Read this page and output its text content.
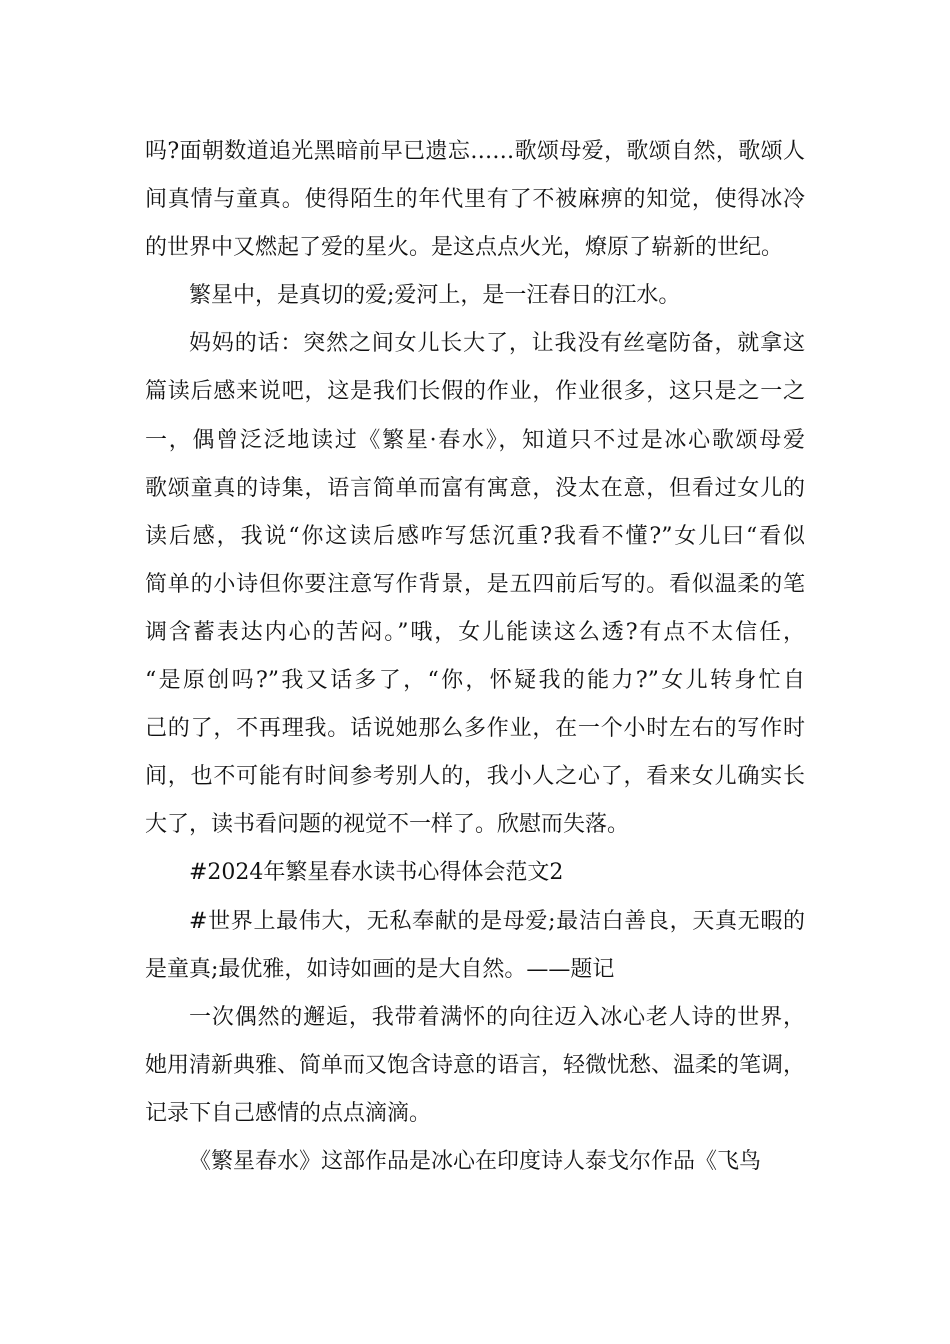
吗?面朝数道追光黑暗前早已遗忘……歌颂母爱，歌颂自然，歌颂人
间真情与童真。使得陌生的年代里有了不被麻痹的知觉，使得冰冷
的世界中又燃起了爱的星火。是这点点火光，燎原了崭新的世纪。
繁星中，是真切的爱;爱河上，是一汪春日的江水。
妈妈的话：突然之间女儿长大了，让我没有丝毫防备，就拿这
篇读后感来说吧，这是我们长假的作业，作业很多，这只是之一之
一，偶曾泛泛地读过《繁星·春水》，知道只不过是冰心歌颂母爱
歌颂童真的诗集，语言简单而富有寓意，没太在意，但看过女儿的
读后感，我说“你这读后感咋写恁沉重?我看不懂?”女儿曰“看似
简单的小诗但你要注意写作背景，是五四前后写的。看似温柔的笔
调含蓄表达内心的苦闷。”哦，女儿能读这么透?有点不太信任，
“是原创吗?”我又话多了，“你，怀疑我的能力?”女儿转身忙自
己的了，不再理我。话说她那么多作业，在一个小时左右的写作时
间，也不可能有时间参考别人的，我小人之心了，看来女儿确实长
大了，读书看问题的视觉不一样了。欣慰而失落。
#2024年繁星春水读书心得体会范文2
#世界上最伟大，无私奉献的是母爱;最洁白善良，天真无暇的
是童真;最优雅，如诗如画的是大自然。——题记
一次偶然的邂逅，我带着满怀的向往迈入冰心老人诗的世界，
她用清新典雅、简单而又饱含诗意的语言，轻微忧愁、温柔的笔调，
记录下自己感情的点点滴滴。
《繁星春水》这部作品是冰心在印度诗人泰戈尔作品《飞鸟
